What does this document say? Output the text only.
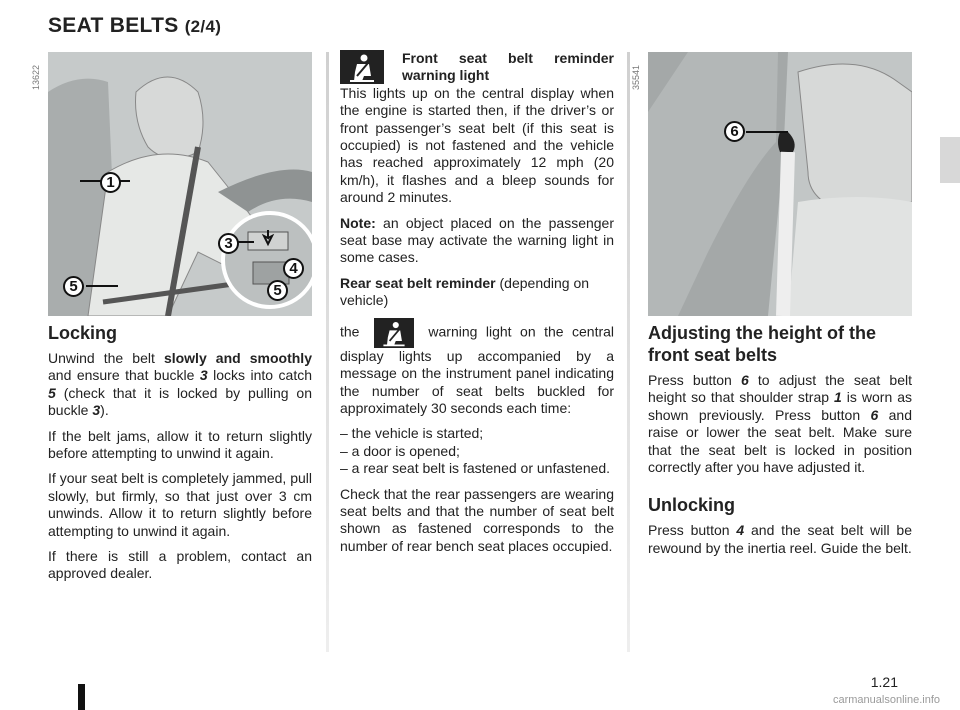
SEAT BELTS (2/4)
13622
1
3
4
5	5
Locking

Unwind the belt slowly and smoothly and ensure that buckle 3 locks into catch 5 (check that it is locked by pulling on buckle 3).

If the belt jams, allow it to return slightly before attempting to unwind it again.

If your seat belt is completely jammed, pull slowly, but firmly, so that just over 3 cm unwinds. Allow it to return slightly before attempting to unwind it again.

If there is still a problem, contact an approved dealer.

Front seat belt reminder warning light

This lights up on the central display when the engine is started then, if the driver’s or front passenger’s seat belt (if this seat is occupied) is not fastened and the vehicle has reached approximately 12 mph (20 km/h), it flashes and a bleep sounds for around 2 minutes.

Note: an object placed on the passenger seat base may activate the warning light in some cases.

Rear seat belt reminder (depending on vehicle)

the	warning light on the central display lights up accompanied by a message on the instrument panel indicating the number of seat belts buckled for approximately 30 seconds each time:

– the vehicle is started;
– a door is opened;
– a rear seat belt is fastened or unfastened.

Check that the rear passengers are wearing seat belts and that the number of seat belt shown as fastened corresponds to the number of rear bench seat places occupied.

35541
6
Adjusting the height of the front seat belts

Press button 6 to adjust the seat belt height so that shoulder strap 1 is worn as shown previously. Press button 6 and raise or lower the seat belt. Make sure that the seat belt is locked in position correctly after you have adjusted it.

Unlocking

Press button 4 and the seat belt will be rewound by the inertia reel. Guide the belt.

1.21
carmanualsonline.info
